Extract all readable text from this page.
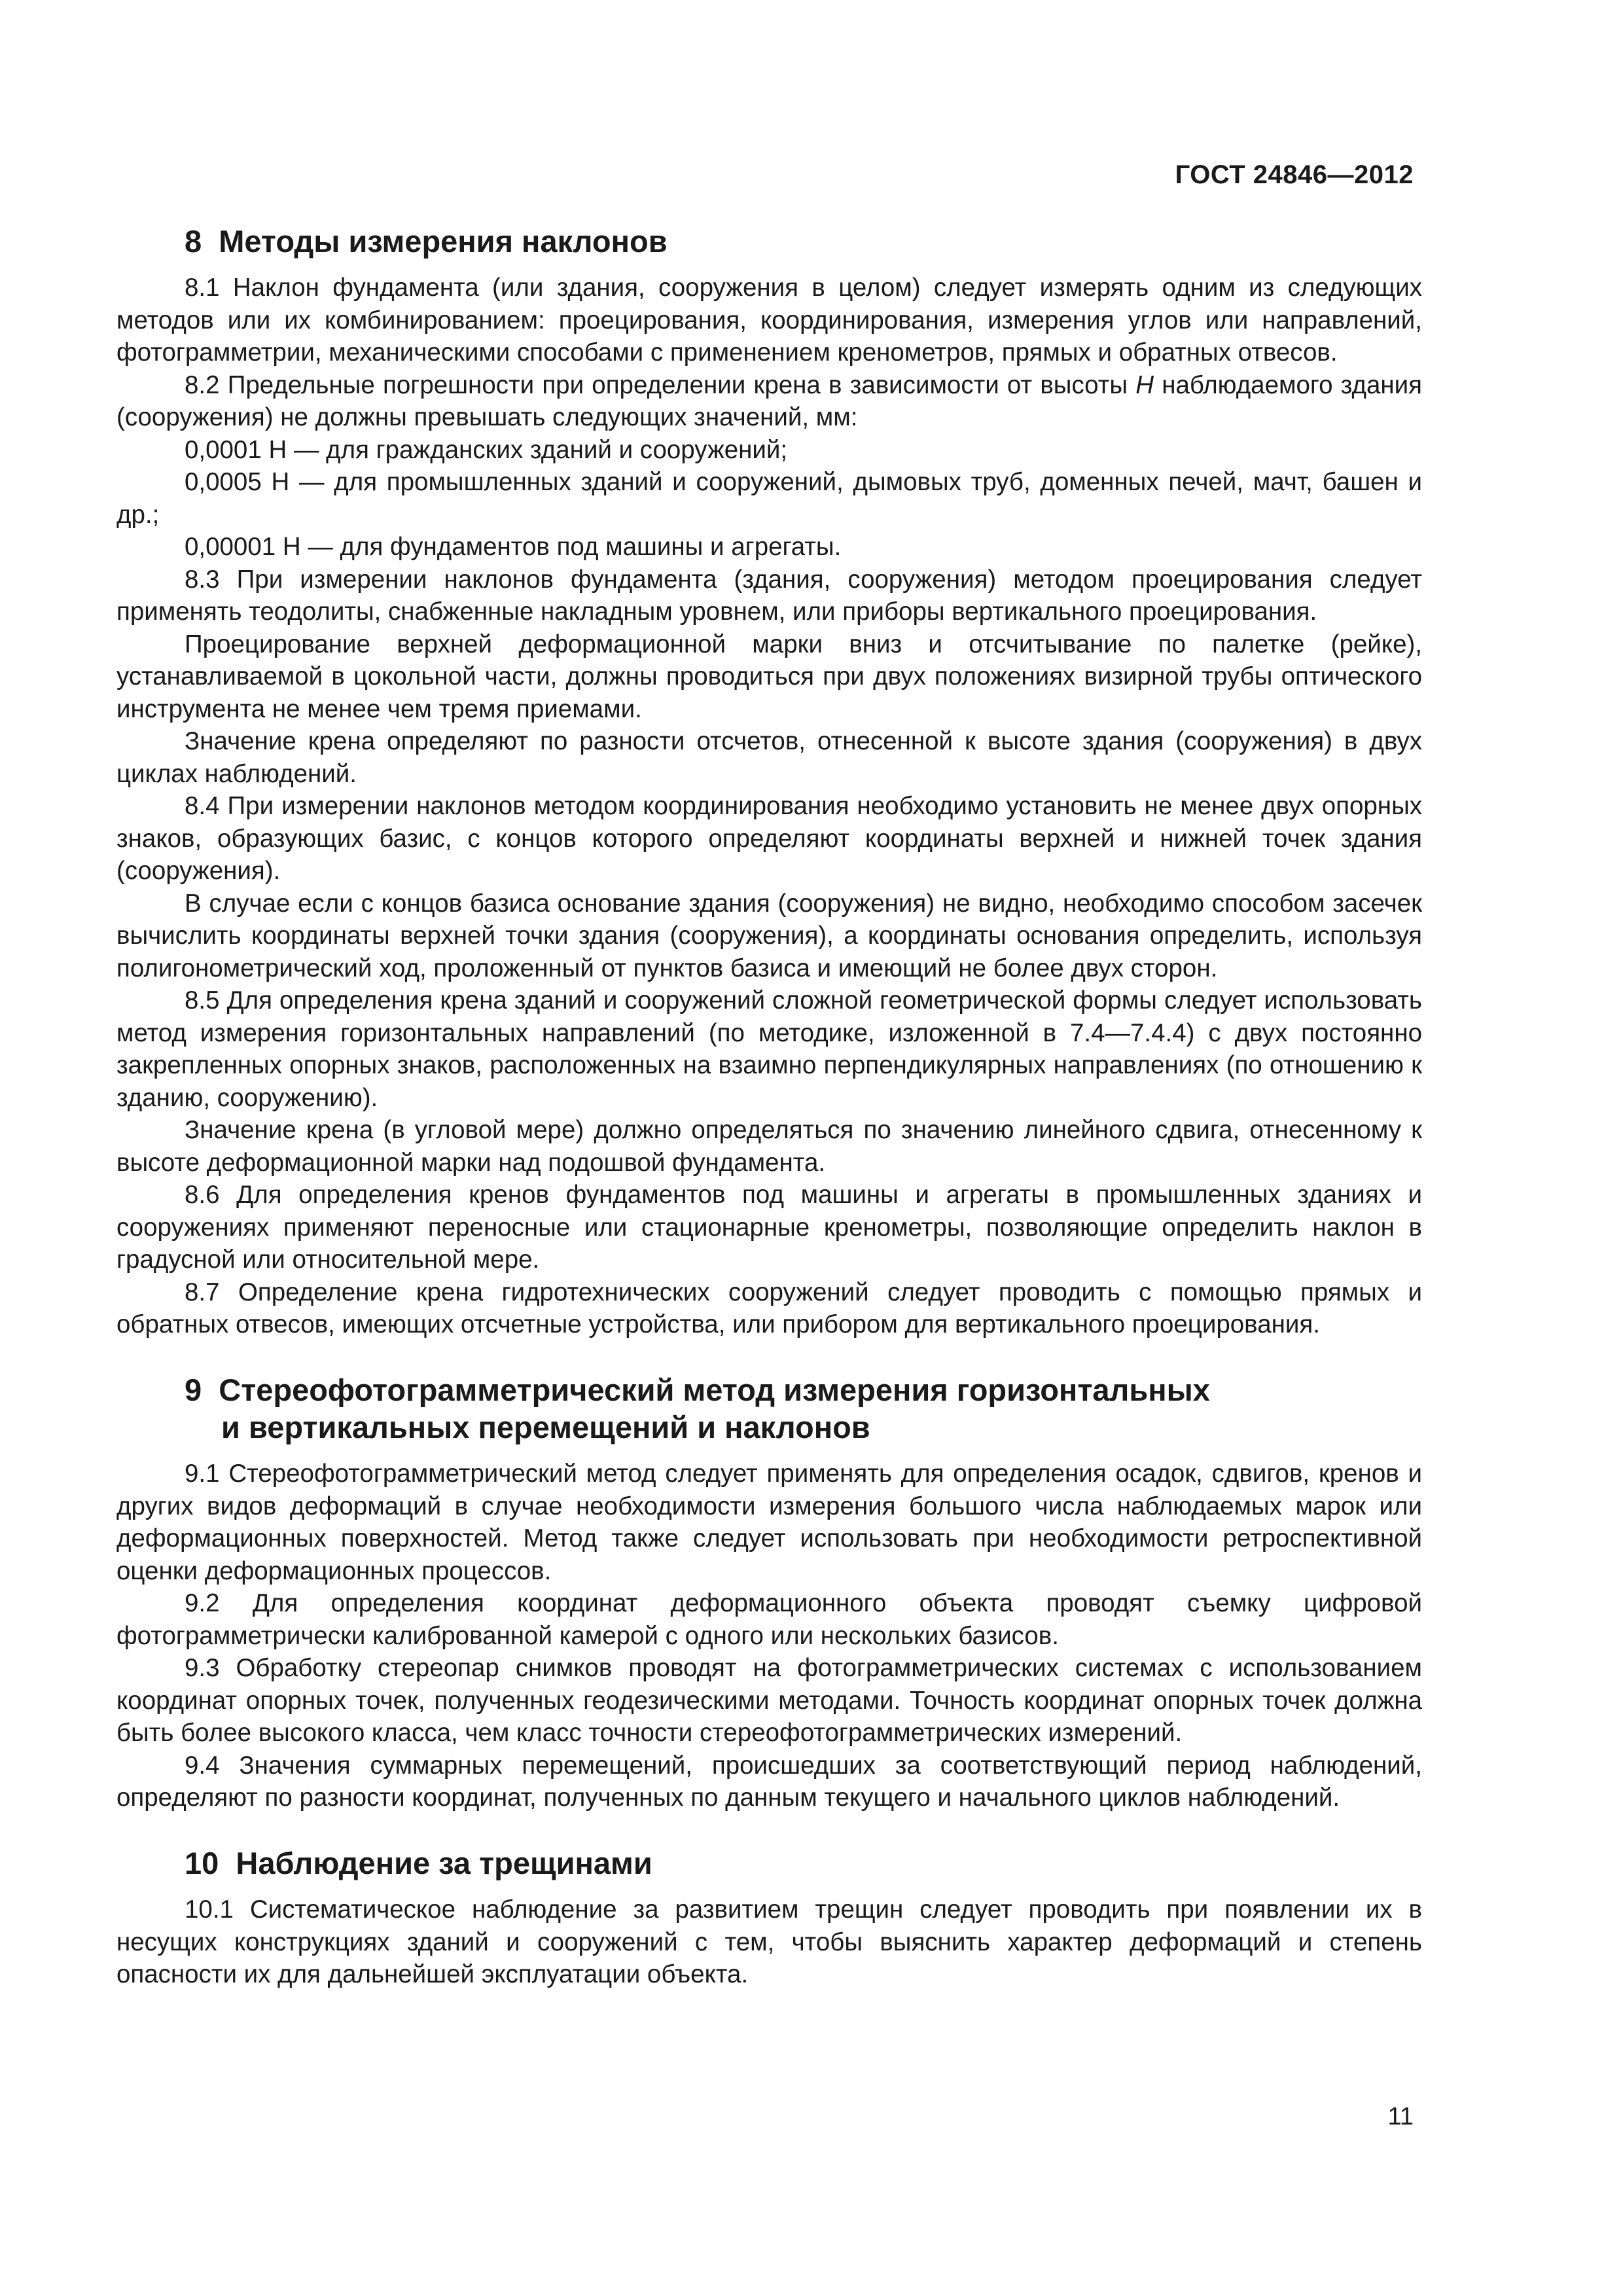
ГОСТ 24846—2012
8 Методы измерения наклонов

8.1 Наклон фундамента (или здания, сооружения в целом) следует измерять одним из следующих методов или их комбинированием: проецирования, координирования, измерения углов или направлений, фотограмметрии, механическими способами с применением кренометров, прямых и обратных отвесов.

8.2 Предельные погрешности при определении крена в зависимости от высоты Н наблюдаемого здания (сооружения) не должны превышать следующих значений, мм:

0,0001 Н — для гражданских зданий и сооружений;

0,0005 Н — для промышленных зданий и сооружений, дымовых труб, доменных печей, мачт, башен и др.;

0,00001 Н — для фундаментов под машины и агрегаты.

8.3 При измерении наклонов фундамента (здания, сооружения) методом проецирования следует применять теодолиты, снабженные накладным уровнем, или приборы вертикального проецирования.

Проецирование верхней деформационной марки вниз и отсчитывание по палетке (рейке), устанавливаемой в цокольной части, должны проводиться при двух положениях визирной трубы оптического инструмента не менее чем тремя приемами.

Значение крена определяют по разности отсчетов, отнесенной к высоте здания (сооружения) в двух циклах наблюдений.

8.4 При измерении наклонов методом координирования необходимо установить не менее двух опорных знаков, образующих базис, с концов которого определяют координаты верхней и нижней точек здания (сооружения).

В случае если с концов базиса основание здания (сооружения) не видно, необходимо способом засечек вычислить координаты верхней точки здания (сооружения), а координаты основания определить, используя полигонометрический ход, проложенный от пунктов базиса и имеющий не более двух сторон.

8.5 Для определения крена зданий и сооружений сложной геометрической формы следует использовать метод измерения горизонтальных направлений (по методике, изложенной в 7.4—7.4.4) с двух постоянно закрепленных опорных знаков, расположенных на взаимно перпендикулярных направлениях (по отношению к зданию, сооружению).

Значение крена (в угловой мере) должно определяться по значению линейного сдвига, отнесенному к высоте деформационной марки над подошвой фундамента.

8.6 Для определения кренов фундаментов под машины и агрегаты в промышленных зданиях и сооружениях применяют переносные или стационарные кренометры, позволяющие определить наклон в градусной или относительной мере.

8.7 Определение крена гидротехнических сооружений следует проводить с помощью прямых и обратных отвесов, имеющих отсчетные устройства, или прибором для вертикального проецирования.

9 Стереофотограмметрический метод измерения горизонтальных
и вертикальных перемещений и наклонов

9.1 Стереофотограмметрический метод следует применять для определения осадок, сдвигов, кренов и других видов деформаций в случае необходимости измерения большого числа наблюдаемых марок или деформационных поверхностей. Метод также следует использовать при необходимости ретроспективной оценки деформационных процессов.

9.2 Для определения координат деформационного объекта проводят съемку цифровой фотограмметрически калиброванной камерой с одного или нескольких базисов.

9.3 Обработку стереопар снимков проводят на фотограмметрических системах с использованием координат опорных точек, полученных геодезическими методами. Точность координат опорных точек должна быть более высокого класса, чем класс точности стереофотограмметрических измерений.

9.4 Значения суммарных перемещений, происшедших за соответствующий период наблюдений, определяют по разности координат, полученных по данным текущего и начального циклов наблюдений.

10 Наблюдение за трещинами

10.1 Систематическое наблюдение за развитием трещин следует проводить при появлении их в несущих конструкциях зданий и сооружений с тем, чтобы выяснить характер деформаций и степень опасности их для дальнейшей эксплуатации объекта.

11
